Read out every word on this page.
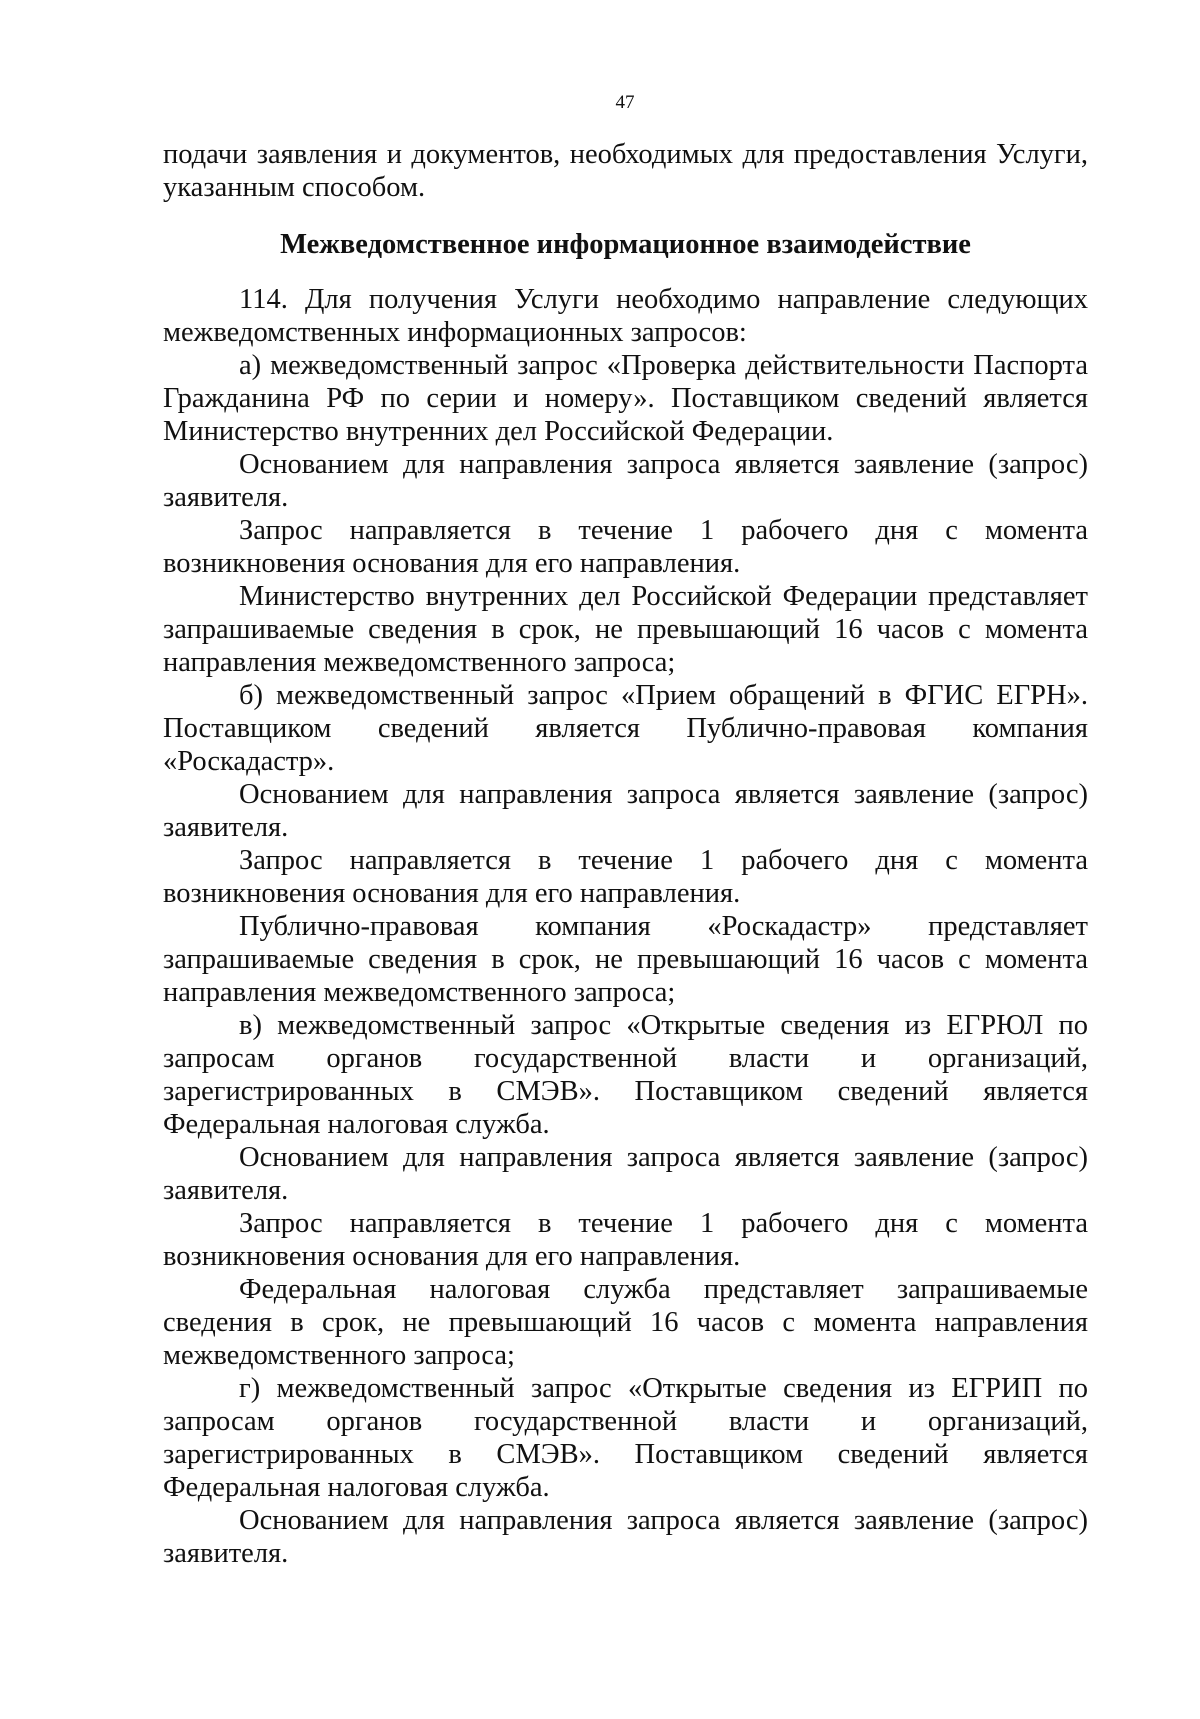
47

подачи заявления и документов, необходимых для предоставления Услуги, указанным способом.

Межведомственное информационное взаимодействие

114. Для получения Услуги необходимо направление следующих межведомственных информационных запросов:

а) межведомственный запрос «Проверка действительности Паспорта Гражданина РФ по серии и номеру». Поставщиком сведений является Министерство внутренних дел Российской Федерации.

Основанием для направления запроса является заявление (запрос) заявителя.

Запрос направляется в течение 1 рабочего дня с момента возникновения основания для его направления.

Министерство внутренних дел Российской Федерации представляет запрашиваемые сведения в срок, не превышающий 16 часов с момента направления межведомственного запроса;

б) межведомственный запрос «Прием обращений в ФГИС ЕГРН». Поставщиком сведений является Публично-правовая компания «Роскадастр».

Основанием для направления запроса является заявление (запрос) заявителя.

Запрос направляется в течение 1 рабочего дня с момента возникновения основания для его направления.

Публично-правовая компания «Роскадастр» представляет запрашиваемые сведения в срок, не превышающий 16 часов с момента направления межведомственного запроса;

в) межведомственный запрос «Открытые сведения из ЕГРЮЛ по запросам органов государственной власти и организаций, зарегистрированных в СМЭВ». Поставщиком сведений является Федеральная налоговая служба.

Основанием для направления запроса является заявление (запрос) заявителя.

Запрос направляется в течение 1 рабочего дня с момента возникновения основания для его направления.

Федеральная налоговая служба представляет запрашиваемые сведения в срок, не превышающий 16 часов с момента направления межведомственного запроса;

г) межведомственный запрос «Открытые сведения из ЕГРИП по запросам органов государственной власти и организаций, зарегистрированных в СМЭВ». Поставщиком сведений является Федеральная налоговая служба.

Основанием для направления запроса является заявление (запрос) заявителя.
